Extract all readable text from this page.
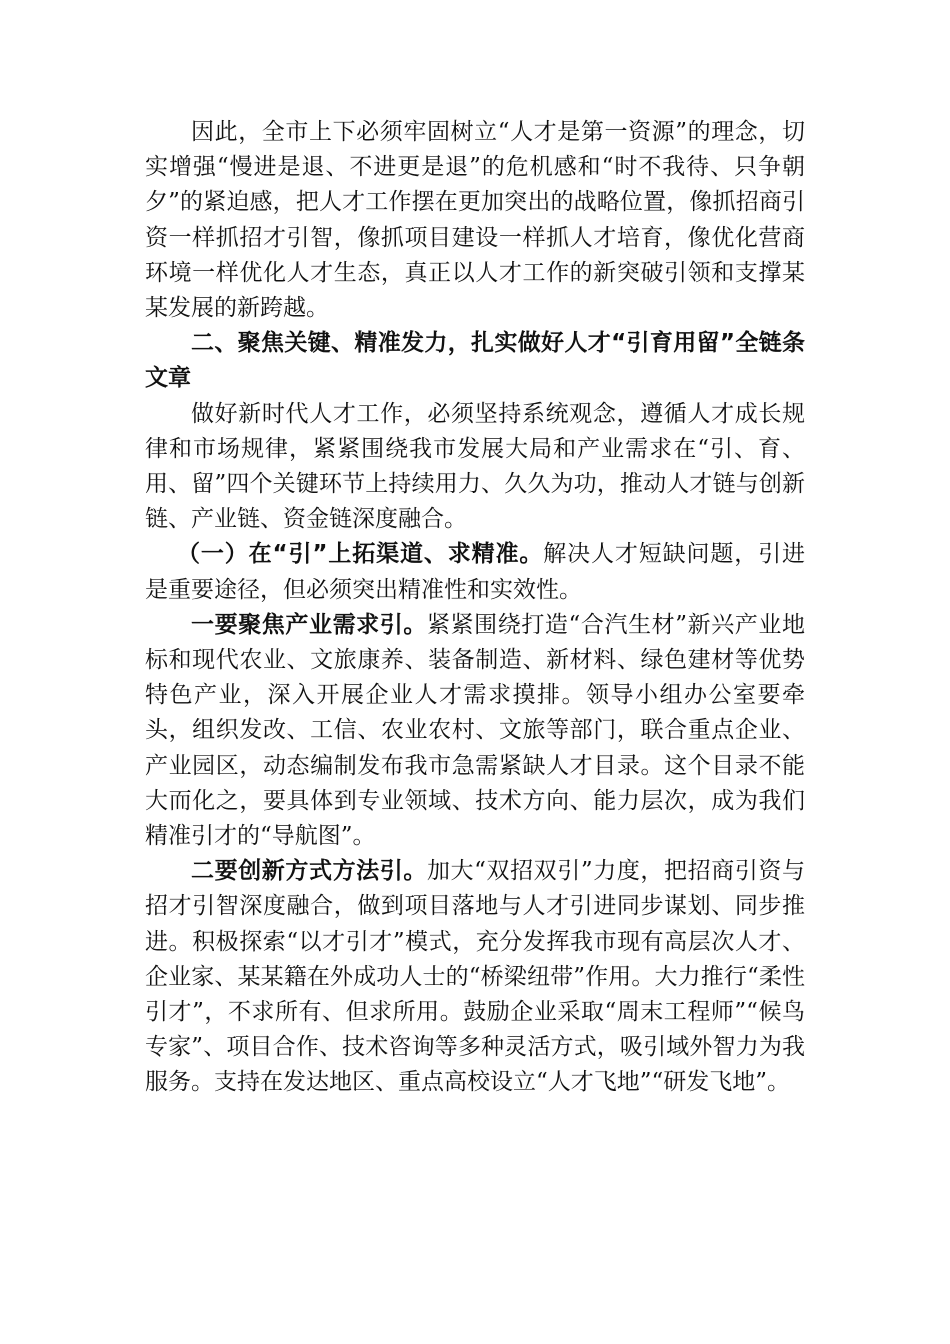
因此，全市上下必须牢固树立“人才是第一资源”的理念，切实增强“慢进是退、不进更是退”的危机感和“时不我待、只争朝夕”的紧迫感，把人才工作摆在更加突出的战略位置，像抓招商引资一样抓招才引智，像抓项目建设一样抓人才培育，像优化营商环境一样优化人才生态，真正以人才工作的新突破引领和支撑某某发展的新跨越。

二、聚焦关键、精准发力，扎实做好人才“引育用留”全链条文章

做好新时代人才工作，必须坚持系统观念，遵循人才成长规律和市场规律，紧紧围绕我市发展大局和产业需求在“引、育、用、留”四个关键环节上持续用力、久久为功，推动人才链与创新链、产业链、资金链深度融合。

（一）在“引”上拓渠道、求精准。解决人才短缺问题，引进是重要途径，但必须突出精准性和实效性。

一要聚焦产业需求引。紧紧围绕打造“合汽生材”新兴产业地标和现代农业、文旅康养、装备制造、新材料、绿色建材等优势特色产业，深入开展企业人才需求摸排。领导小组办公室要牵头，组织发改、工信、农业农村、文旅等部门，联合重点企业、产业园区，动态编制发布我市急需紧缺人才目录。这个目录不能大而化之，要具体到专业领域、技术方向、能力层次，成为我们精准引才的“导航图”。

二要创新方式方法引。加大“双招双引”力度，把招商引资与招才引智深度融合，做到项目落地与人才引进同步谋划、同步推进。积极探索“以才引才”模式，充分发挥我市现有高层次人才、企业家、某某籍在外成功人士的“桥梁纽带”作用。大力推行“柔性引才”，不求所有、但求所用。鼓励企业采取“周末工程师”“候鸟专家”、项目合作、技术咨询等多种灵活方式，吸引域外智力为我服务。支持在发达地区、重点高校设立“人才飞地”“研发飞地”。
